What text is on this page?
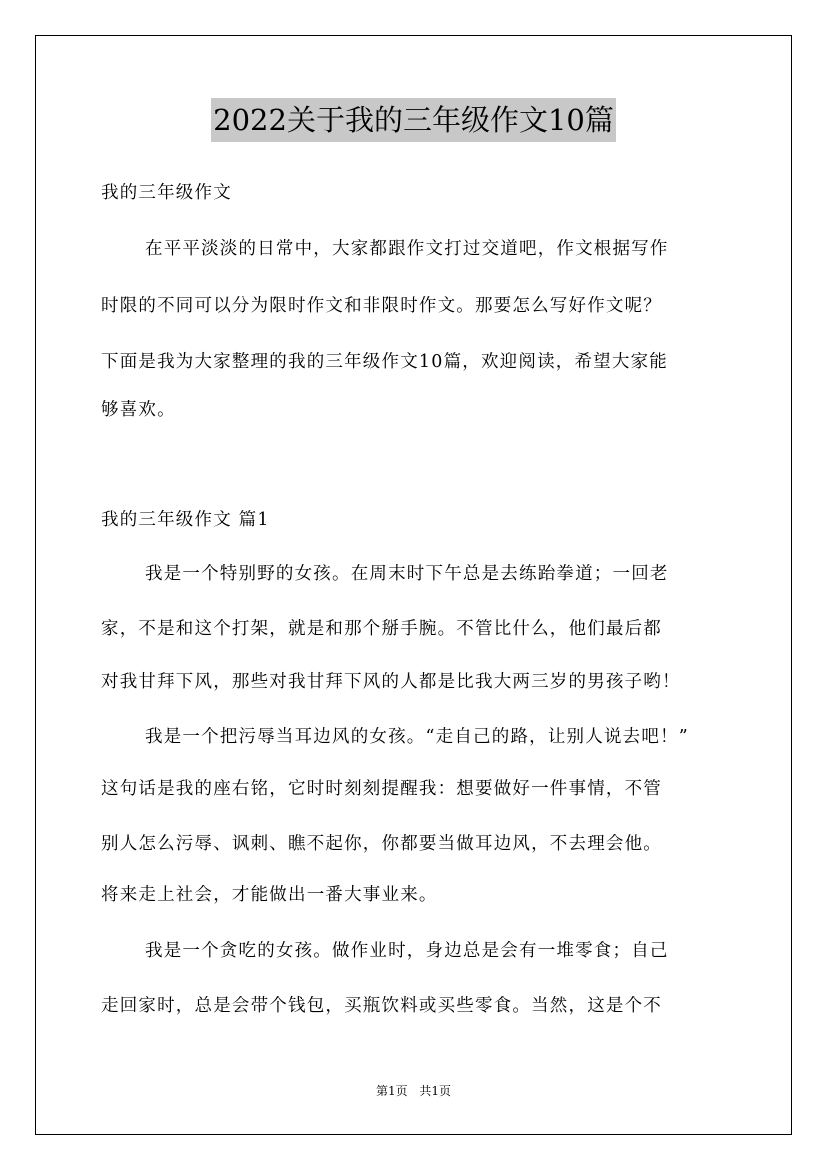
2022关于我的三年级作文10篇
我的三年级作文
在平平淡淡的日常中，大家都跟作文打过交道吧，作文根据写作
时限的不同可以分为限时作文和非限时作文。那要怎么写好作文呢？
下面是我为大家整理的我的三年级作文10篇，欢迎阅读，希望大家能
够喜欢。
我的三年级作文 篇1
我是一个特别野的女孩。在周末时下午总是去练跆拳道；一回老
家，不是和这个打架，就是和那个掰手腕。不管比什么，他们最后都
对我甘拜下风，那些对我甘拜下风的人都是比我大两三岁的男孩子哟！
我是一个把污辱当耳边风的女孩。“走自己的路，让别人说去吧！”
这句话是我的座右铭，它时时刻刻提醒我：想要做好一件事情，不管
别人怎么污辱、讽刺、瞧不起你，你都要当做耳边风，不去理会他。
将来走上社会，才能做出一番大事业来。
我是一个贪吃的女孩。做作业时，身边总是会有一堆零食；自己
走回家时，总是会带个钱包，买瓶饮料或买些零食。当然，这是个不
第1页 共1页
